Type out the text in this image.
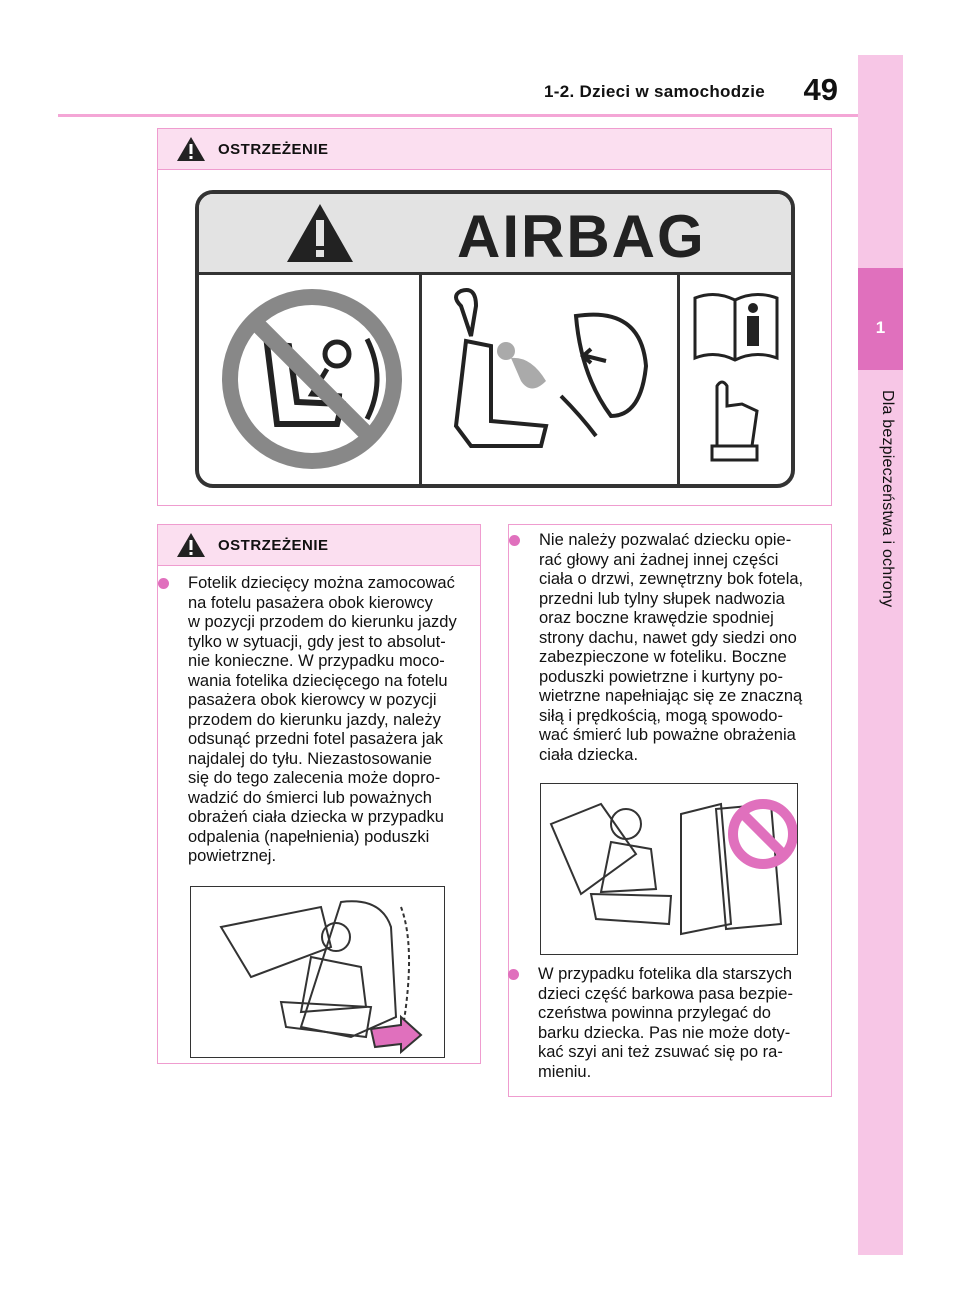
1-2. Dzieci w samochodzie 49
1
Dla bezpieczeństwa i ochrony
OSTRZEŻENIE
AIRBAG
OSTRZEŻENIE
Fotelik dziecięcy można zamocować
na fotelu pasażera obok kierowcy
w pozycji przodem do kierunku jazdy
tylko w sytuacji, gdy jest to absolut-
nie konieczne. W przypadku moco-
wania fotelika dziecięcego na fotelu
pasażera obok kierowcy w pozycji
przodem do kierunku jazdy, należy
odsunąć przedni fotel pasażera jak
najdalej do tyłu. Niezastosowanie
się do tego zalecenia może dopro-
wadzić do śmierci lub poważnych
obrażeń ciała dziecka w przypadku
odpalenia (napełnienia) poduszki
powietrznej.
Nie należy pozwalać dziecku opie-
rać głowy ani żadnej innej części
ciała o drzwi, zewnętrzny bok fotela,
przedni lub tylny słupek nadwozia
oraz boczne krawędzie spodniej
strony dachu, nawet gdy siedzi ono
zabezpieczone w foteliku. Boczne
poduszki powietrzne i kurtyny po-
wietrzne napełniając się ze znaczną
siłą i prędkością, mogą spowodo-
wać śmierć lub poważne obrażenia
ciała dziecka.
W przypadku fotelika dla starszych
dzieci część barkowa pasa bezpie-
czeństwa powinna przylegać do
barku dziecka. Pas nie może doty-
kać szyi ani też zsuwać się po ra-
mieniu.
